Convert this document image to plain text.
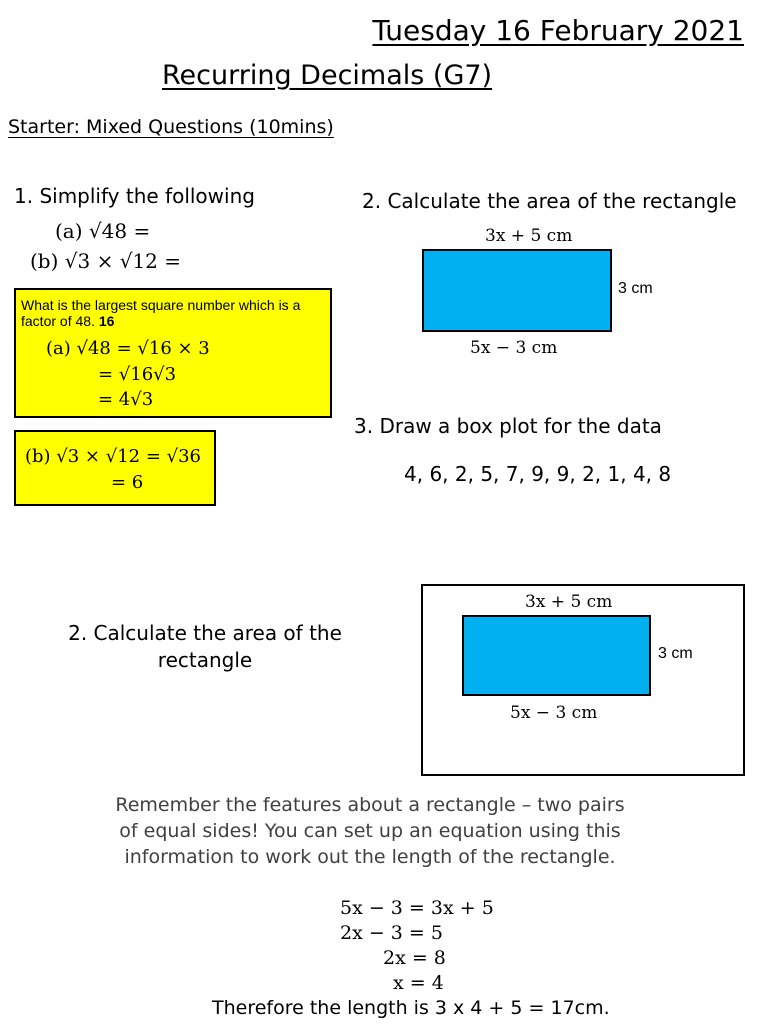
Tuesday 16 February 2021
Recurring Decimals (G7)
Starter: Mixed Questions (10mins)
1. Simplify the following
(a) √48 =
(b) √3 × √12 =
What is the largest square number which is a factor of 48. 16
(a) √48 = √16 × 3
= √16√3
= 4√3
(b) √3 × √12 = √36
= 6
2. Calculate the area of the rectangle
3x + 5 cm
3 cm
5x − 3 cm
3. Draw a box plot for the data
4, 6, 2, 5, 7, 9, 9, 2, 1, 4, 8
2. Calculate the area of the
rectangle
3x + 5 cm
3 cm
5x − 3 cm
Remember the features about a rectangle – two pairs of equal sides! You can set up an equation using this information to work out the length of the rectangle.
5x − 3 = 3x + 5
2x − 3 = 5
2x = 8
x = 4
Therefore the length is 3 x 4 + 5 = 17cm.
